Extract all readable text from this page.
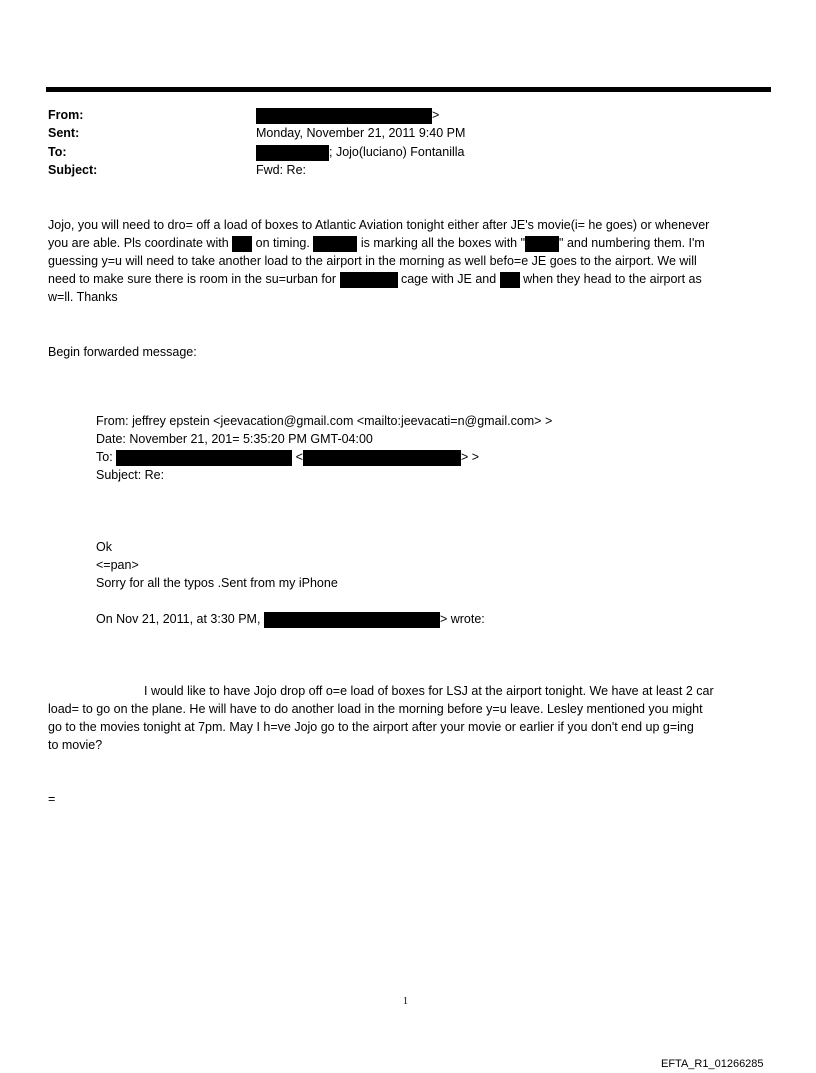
From:	>
Sent:	Monday, November 21, 2011 9:40 PM
To:	; Jojo(luciano) Fontanilla
Subject:	Fwd: Re:
Jojo, you will need to dro= off a load of boxes to Atlantic Aviation tonight either after JE's movie(i= he goes) or whenever
you are able. Pls coordinate with on timing.	is marking all the boxes with "	" and numbering them. I'm
guessing y=u will need to take another load to the airport in the morning as well befo=e JE goes to the airport. We will
need to make sure there is room in the su=urban for	cage with JE and when they head to the airport as
w=ll. Thanks
Begin forwarded message:
From: jeffrey epstein <jeevacation@gmail.com <mailto:jeevacati=n@gmail.com> >
Date: November 21, 201= 5:35:20 PM GMT-04:00
To:	<	> >
Subject: Re:
Ok
<=pan>
Sorry for all the typos .Sent from my iPhone
On Nov 21, 2011, at 3:30 PM,	> wrote:
I would like to have Jojo drop off o=e load of boxes for LSJ at the airport tonight. We have at least 2 car
load= to go on the plane. He will have to do another load in the morning before y=u leave. Lesley mentioned you might
go to the movies tonight at 7pm. May I h=ve Jojo go to the airport after your movie or earlier if you don't end up g=ing
to movie?
=
1
EFTA_R1_01266285
